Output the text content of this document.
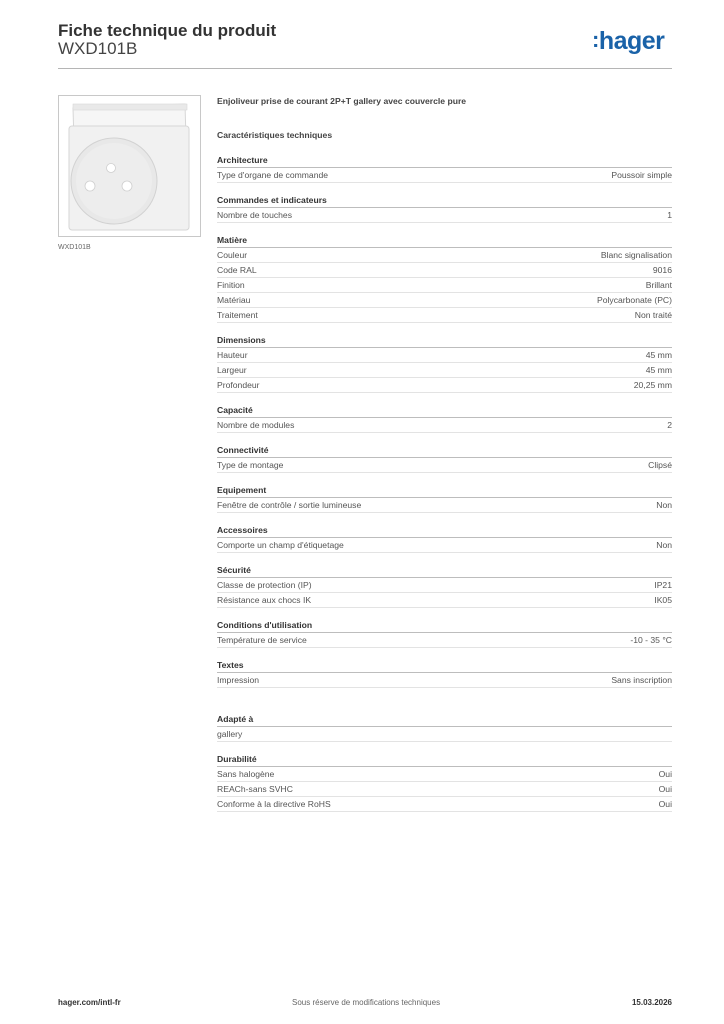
Fiche technique du produit
WXD101B	:hager
WXD101B
Enjoliveur prise de courant 2P+T gallery avec couvercle pure
Caractéristiques techniques
Architecture
Type d'organe de commande	Poussoir simple
Commandes et indicateurs
Nombre de touches	1
Matière
Couleur	Blanc signalisation
Code RAL	9016
Finition	Brillant
Matériau	Polycarbonate (PC)
Traitement	Non traité
Dimensions
Hauteur	45 mm
Largeur	45 mm
Profondeur	20,25 mm
Capacité
Nombre de modules	2
Connectivité
Type de montage	Clipsé
Equipement
Fenêtre de contrôle / sortie lumineuse	Non
Accessoires
Comporte un champ d'étiquetage	Non
Sécurité
Classe de protection (IP)	IP21
Résistance aux chocs IK	IK05
Conditions d'utilisation
Température de service	-10 - 35 °C
Textes
Impression	Sans inscription
Adapté à
gallery
Durabilité
Sans halogène	Oui
REACh-sans SVHC	Oui
Conforme à la directive RoHS	Oui
hager.com/intl-fr	Sous réserve de modifications techniques	15.03.2026
